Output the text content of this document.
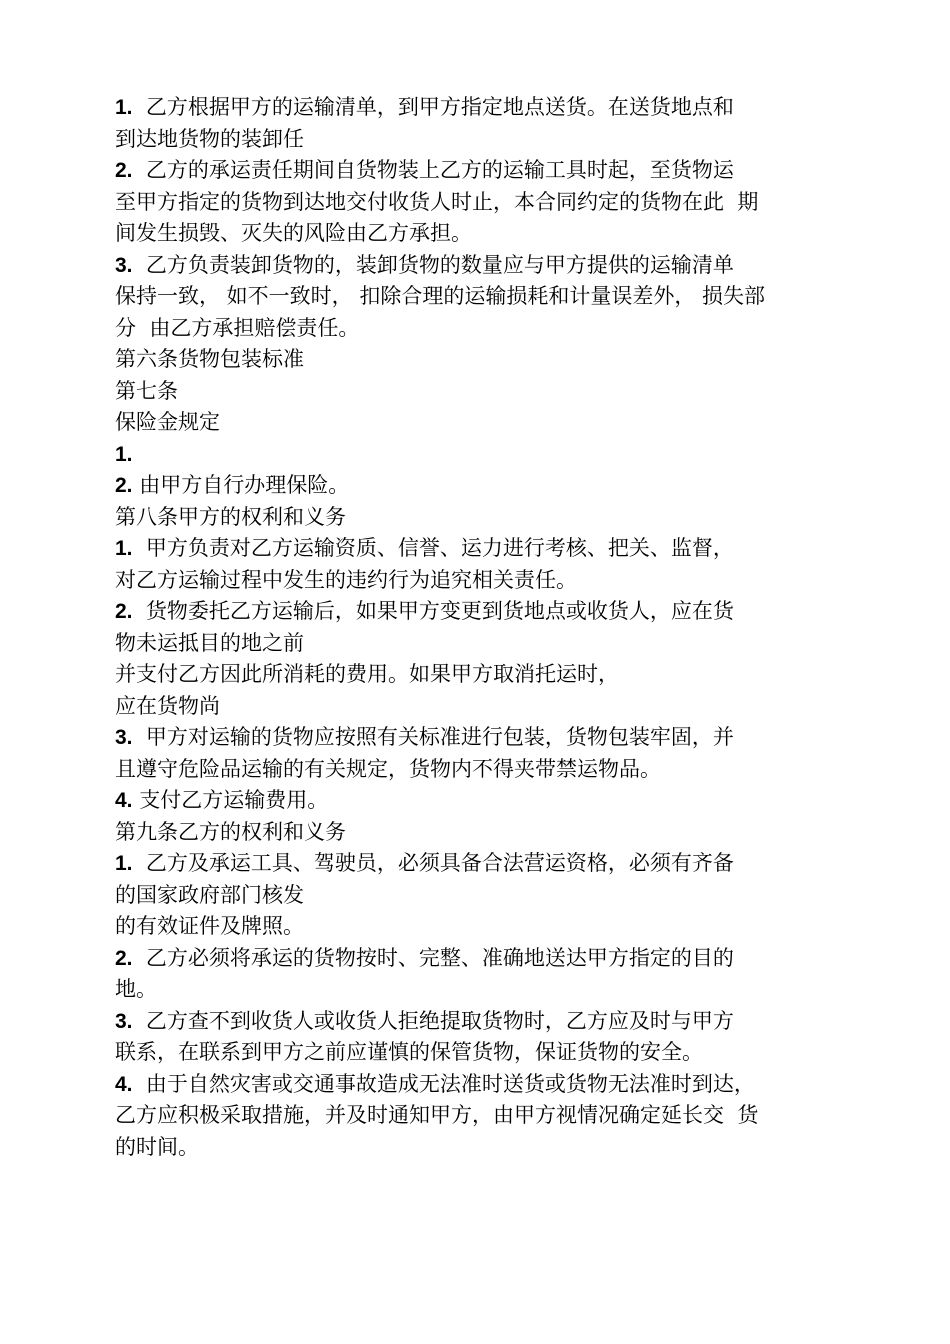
1.  乙方根据甲方的运输清单，到甲方指定地点送货。在送货地点和
到达地货物的装卸任
2.  乙方的承运责任期间自货物装上乙方的运输工具时起，至货物运
至甲方指定的货物到达地交付收货人时止，本合同约定的货物在此  期
间发生损毁、灭失的风险由乙方承担。
3.  乙方负责装卸货物的，装卸货物的数量应与甲方提供的运输清单
保持一致， 如不一致时， 扣除合理的运输损耗和计量误差外， 损失部
分  由乙方承担赔偿责任。
第六条货物包装标准
第七条
保险金规定
1.
2. 由甲方自行办理保险。
第八条甲方的权利和义务
1.  甲方负责对乙方运输资质、信誉、运力进行考核、把关、监督，
对乙方运输过程中发生的违约行为追究相关责任。
2.  货物委托乙方运输后，如果甲方变更到货地点或收货人，应在货
物未运抵目的地之前
并支付乙方因此所消耗的费用。如果甲方取消托运时，
应在货物尚
3.  甲方对运输的货物应按照有关标准进行包装，货物包装牢固，并
且遵守危险品运输的有关规定，货物内不得夹带禁运物品。
4. 支付乙方运输费用。
第九条乙方的权利和义务
1.  乙方及承运工具、驾驶员，必须具备合法营运资格，必须有齐备
的国家政府部门核发
的有效证件及牌照。
2.  乙方必须将承运的货物按时、完整、准确地送达甲方指定的目的
地。
3.  乙方查不到收货人或收货人拒绝提取货物时，乙方应及时与甲方
联系，在联系到甲方之前应谨慎的保管货物，保证货物的安全。
4.  由于自然灾害或交通事故造成无法准时送货或货物无法准时到达，
乙方应积极采取措施，并及时通知甲方，由甲方视情况确定延长交  货
的时间。
